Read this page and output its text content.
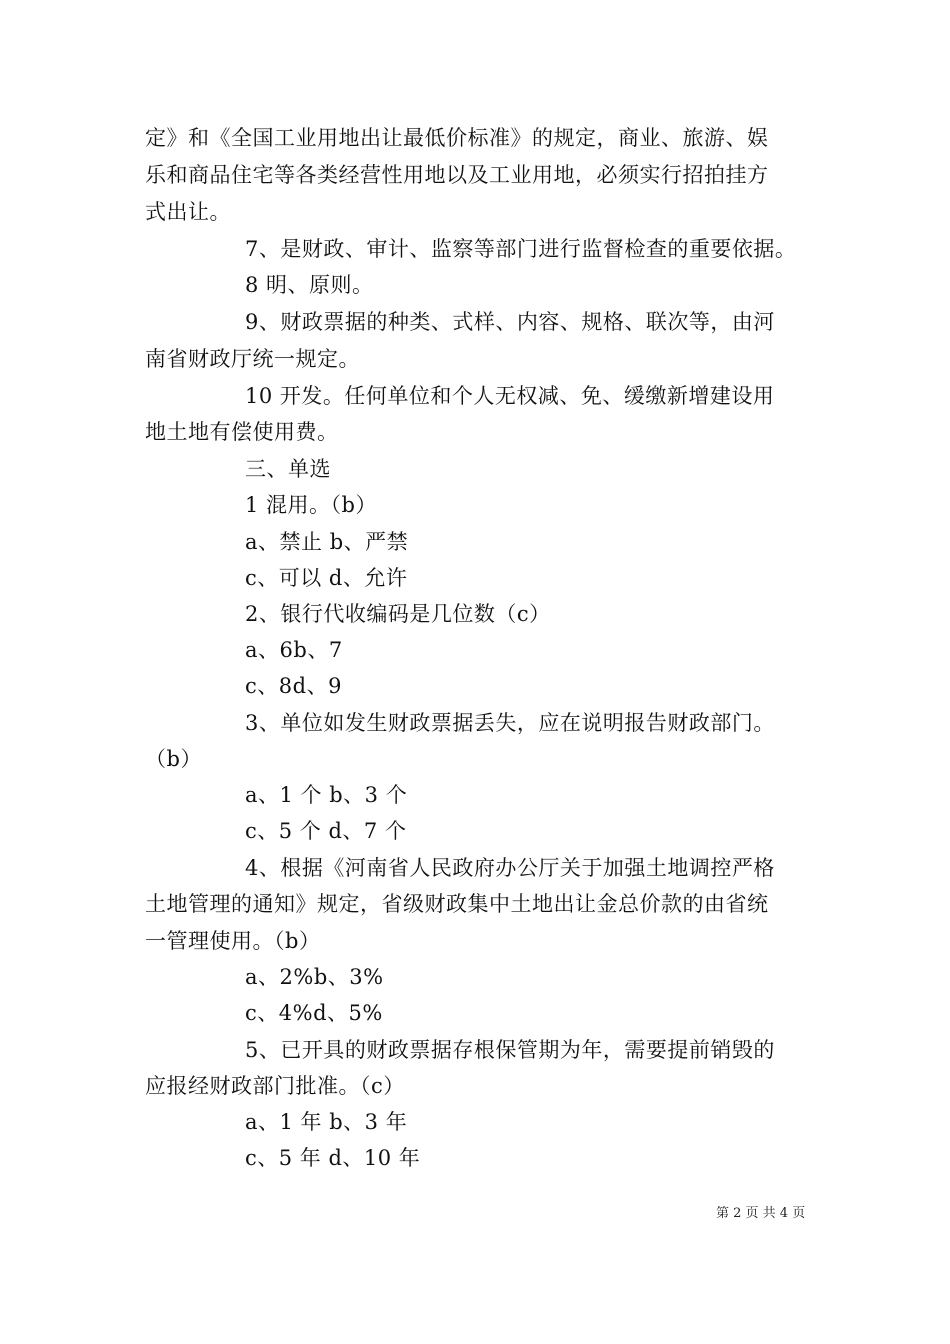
定》和《全国工业用地出让最低价标准》的规定，商业、旅游、娱
乐和商品住宅等各类经营性用地以及工业用地，必须实行招拍挂方
式出让。
7、是财政、审计、监察等部门进行监督检查的重要依据。
8 明、原则。
9、财政票据的种类、式样、内容、规格、联次等，由河
南省财政厅统一规定。
10 开发。任何单位和个人无权减、免、缓缴新增建设用
地土地有偿使用费。
三、单选
1 混用。（b）
a、禁止 b、严禁
c、可以 d、允许
2、银行代收编码是几位数（c）
a、6b、7
c、8d、9
3、单位如发生财政票据丢失，应在说明报告财政部门。
（b）
a、1 个 b、3 个
c、5 个 d、7 个
4、根据《河南省人民政府办公厅关于加强土地调控严格
土地管理的通知》规定，省级财政集中土地出让金总价款的由省统
一管理使用。（b）
a、2%b、3%
c、4%d、5%
5、已开具的财政票据存根保管期为年，需要提前销毁的
应报经财政部门批准。（c）
a、1 年 b、3 年
c、5 年 d、10 年
第 2 页 共 4 页
